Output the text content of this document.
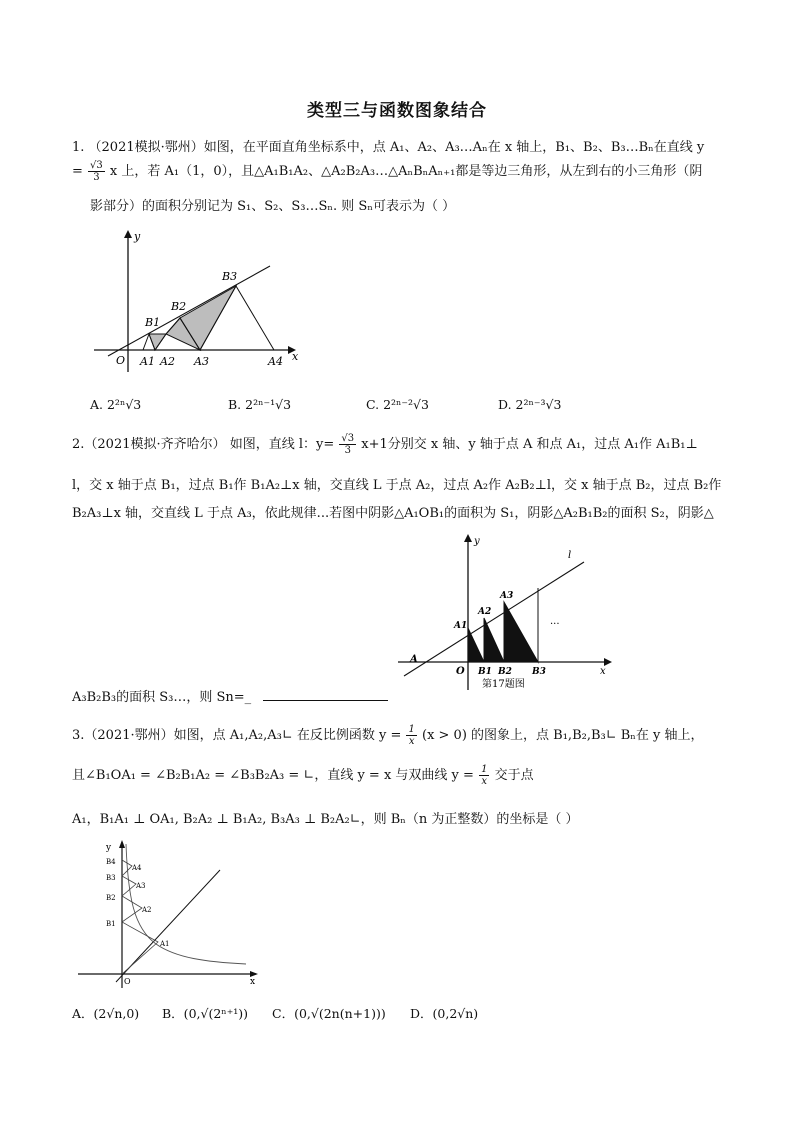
类型三与函数图象结合
1. （2021模拟·鄂州）如图，在平面直角坐标系中，点 A₁、A₂、A₃…Aₙ在 x 轴上，B₁、B₂、B₃…Bₙ在直线 y
= $\frac{√3}{3}$ x 上，若 A₁（1，0），且△A₁B₁A₂、△A₂B₂A₃…△AₙBₙAₙ₊₁都是等边三角形，从左到右的小三角形（阴
影部分）的面积分别记为 S₁、S₂、S₃…Sₙ. 则 Sₙ可表示为（ ）
y
x
O A1 A2 A3	A4
B1
B2
B3
A. 2²ⁿ√3	B. 2²ⁿ⁻¹√3	C. 2²ⁿ⁻²√3	D. 2²ⁿ⁻³√3
2.（2021模拟·齐齐哈尔） 如图，直线 l：$y= \frac{√3}{3} x+1$分别交 x 轴、y 轴于点 A 和点 A₁，过点 A₁作 A₁B₁⊥
l，交 x 轴于点 B₁，过点 B₁作 B₁A₂⊥x 轴，交直线 L 于点 A₂，过点 A₂作 A₂B₂⊥l，交 x 轴于点 B₂，过点 B₂作
B₂A₃⊥x 轴，交直线 L 于点 A₃，依此规律...若图中阴影△A₁OB₁的面积为 S₁，阴影△A₂B₁B₂的面积 S₂，阴影△
y
x
l
A
O
A1
A2
A3
B1 B2 B3
...
第17题图
A₃B₂B₃的面积 S₃…，则 Sn=_
3.（2021·鄂州）如图，点 A₁,A₂,A₃∟ 在反比例函数 $y = \frac{1}{x} (x > 0)$ 的图象上，点 B₁,B₂,B₃∟ Bₙ在 y 轴上，
且∠B₁OA₁ = ∠B₂B₁A₂ = ∠B₃B₂A₃ = ∟，直线 y = x 与双曲线 $y = \frac{1}{x}$ 交于点
A₁，B₁A₁ ⊥ OA₁, B₂A₂ ⊥ B₁A₂, B₃A₃ ⊥ B₂A₂∟，则 Bₙ（n 为正整数）的坐标是（ ）
y
x
O
B1
B2
B3
B4
A1
A2
A3
A4
A．(2√n,0) B．(0,√(2ⁿ⁺¹)) C．(0,√(2n(n+1))) D．(0,2√n)
